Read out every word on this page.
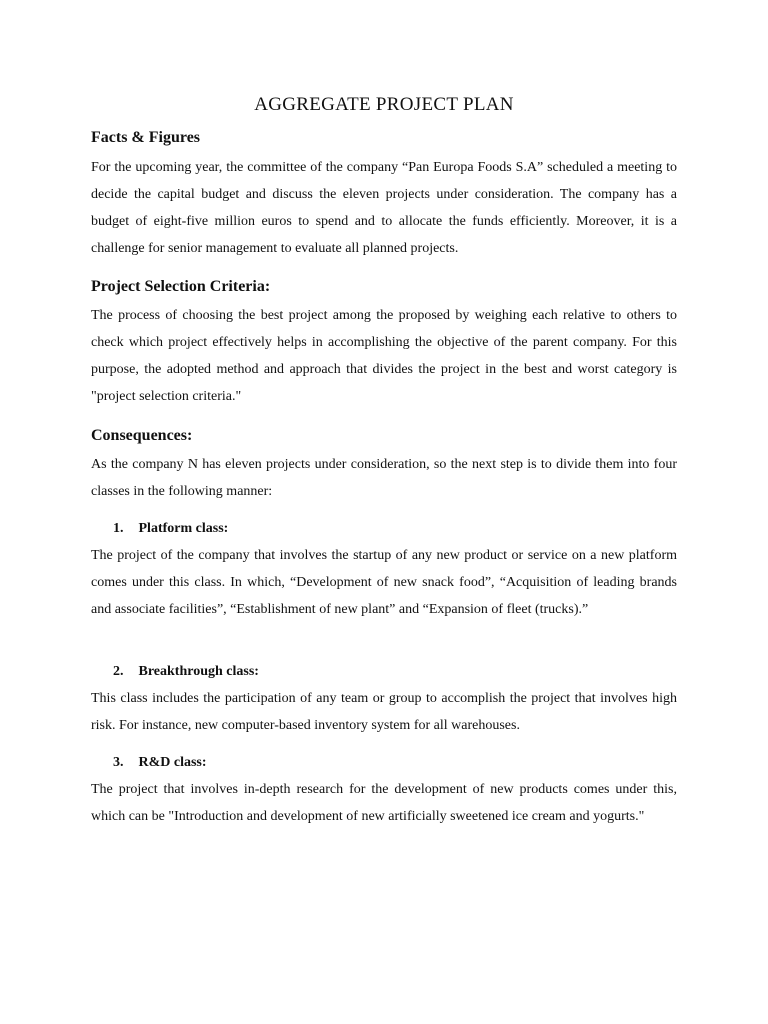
AGGREGATE PROJECT PLAN
Facts & Figures

For the upcoming year, the committee of the company “Pan Europa Foods S.A” scheduled a meeting to decide the capital budget and discuss the eleven projects under consideration. The company has a budget of eight-five million euros to spend and to allocate the funds efficiently. Moreover, it is a challenge for senior management to evaluate all planned projects.

Project Selection Criteria:

The process of choosing the best project among the proposed by weighing each relative to others to check which project effectively helps in accomplishing the objective of the parent company. For this purpose, the adopted method and approach that divides the project in the best and worst category is "project selection criteria."

Consequences:

As the company N has eleven projects under consideration, so the next step is to divide them into four classes in the following manner:

1. Platform class:

The project of the company that involves the startup of any new product or service on a new platform comes under this class. In which, “Development of new snack food”, “Acquisition of leading brands and associate facilities”, “Establishment of new plant” and “Expansion of fleet (trucks).”

2. Breakthrough class:

This class includes the participation of any team or group to accomplish the project that involves high risk. For instance, new computer-based inventory system for all warehouses.

3. R&D class:

The project that involves in-depth research for the development of new products comes under this, which can be "Introduction and development of new artificially sweetened ice cream and yogurts."
